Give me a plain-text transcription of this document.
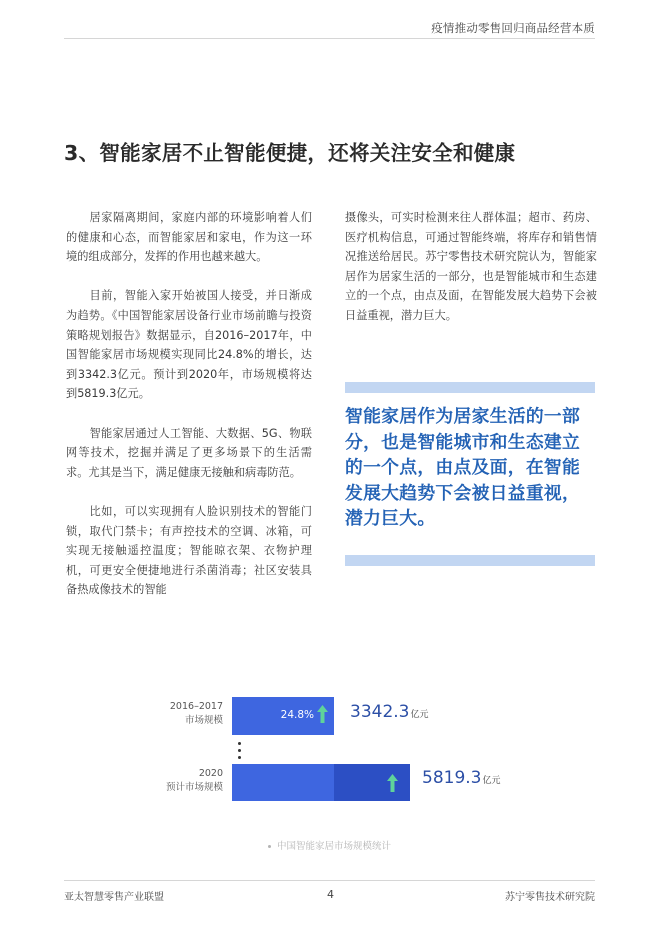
疫情推动零售回归商品经营本质
3、智能家居不止智能便捷，还将关注安全和健康

居家隔离期间，家庭内部的环境影响着人们的健康和心态，而智能家居和家电，作为这一环境的组成部分，发挥的作用也越来越大。

目前，智能入家开始被国人接受，并日渐成为趋势。《中国智能家居设备行业市场前瞻与投资策略规划报告》数据显示，自2016–2017年，中国智能家居市场规模实现同比24.8%的增长，达到3342.3亿元。预计到2020年，市场规模将达到5819.3亿元。

智能家居通过人工智能、大数据、5G、物联网等技术，挖掘并满足了更多场景下的生活需求。尤其是当下，满足健康无接触和病毒防范。

比如，可以实现拥有人脸识别技术的智能门锁，取代门禁卡；有声控技术的空调、冰箱，可实现无接触遥控温度；智能晾衣架、衣物护理机，可更安全便捷地进行杀菌消毒；社区安装具备热成像技术的智能

摄像头，可实时检测来往人群体温；超市、药房、医疗机构信息，可通过智能终端，将库存和销售情况推送给居民。苏宁零售技术研究院认为，智能家居作为居家生活的一部分，也是智能城市和生态建立的一个点，由点及面，在智能发展大趋势下会被日益重视，潜力巨大。

智能家居作为居家生活的一部分，也是智能城市和生态建立的一个点，由点及面，在智能发展大趋势下会被日益重视，潜力巨大。
2016–2017
市场规模	24.8% 3342.3亿元
2020
预计市场规模	5819.3亿元
中国智能家居市场规模统计
亚太智慧零售产业联盟	4	苏宁零售技术研究院
